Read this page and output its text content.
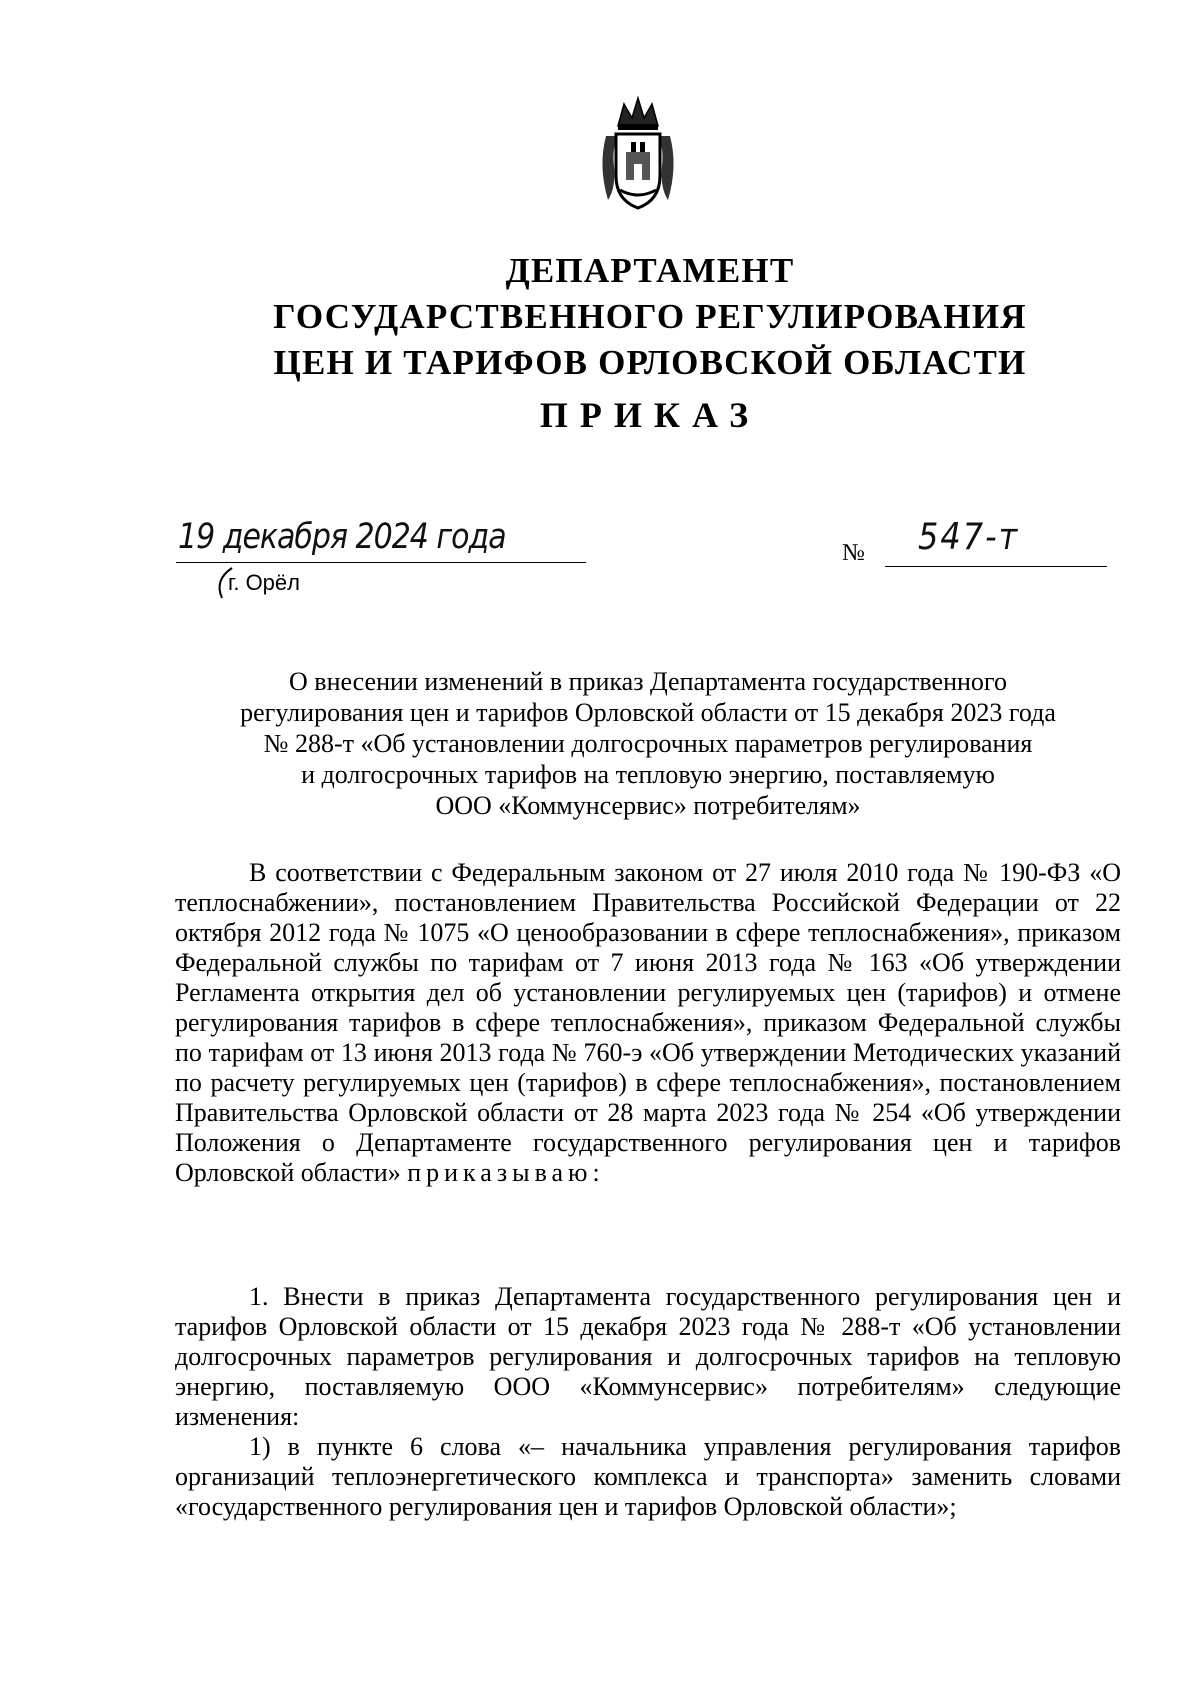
ДЕПАРТАМЕНТ
ГОСУДАРСТВЕННОГО РЕГУЛИРОВАНИЯ
ЦЕН И ТАРИФОВ ОРЛОВСКОЙ ОБЛАСТИ
ПРИКАЗ
19 декабря 2024 года
г. Орёл
№ 547-т
О внесении изменений в приказ Департамента государственного
регулирования цен и тарифов Орловской области от 15 декабря 2023 года
№ 288-т «Об установлении долгосрочных параметров регулирования
и долгосрочных тарифов на тепловую энергию, поставляемую
ООО «Коммунсервис» потребителям»
В соответствии с Федеральным законом от 27 июля 2010 года № 190-ФЗ «О теплоснабжении», постановлением Правительства Российской Федерации от 22 октября 2012 года № 1075 «О ценообразовании в сфере теплоснабжения», приказом Федеральной службы по тарифам от 7 июня 2013 года № 163 «Об утверждении Регламента открытия дел об установлении регулируемых цен (тарифов) и отмене регулирования тарифов в сфере теплоснабжения», приказом Федеральной службы по тарифам от 13 июня 2013 года № 760-э «Об утверждении Методических указаний по расчету регулируемых цен (тарифов) в сфере теплоснабжения», постановлением Правительства Орловской области от 28 марта 2023 года № 254 «Об утверждении Положения о Департаменте государственного регулирования цен и тарифов Орловской области» приказываю:
1. Внести в приказ Департамента государственного регулирования цен и тарифов Орловской области от 15 декабря 2023 года № 288-т «Об установлении долгосрочных параметров регулирования и долгосрочных тарифов на тепловую энергию, поставляемую ООО «Коммунсервис» потребителям» следующие изменения:
1) в пункте 6 слова «– начальника управления регулирования тарифов организаций теплоэнергетического комплекса и транспорта» заменить словами «государственного регулирования цен и тарифов Орловской области»;
